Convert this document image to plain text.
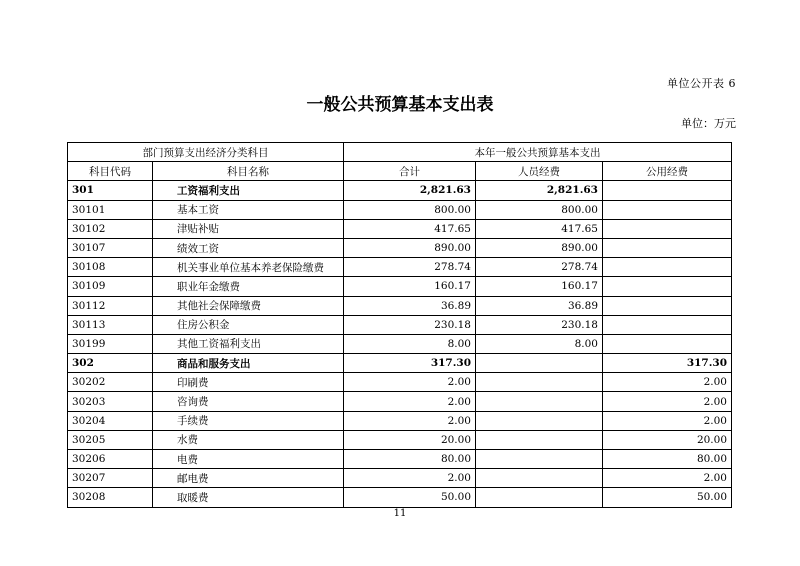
单位公开表 6
一般公共预算基本支出表
单位：万元
部门预算支出经济分类科目		本年一般公共预算基本支出		
科目代码	科目名称	合计	人员经费	公用经费
301	工资福利支出	2,821.63	2,821.63	
30101	基本工资	800.00	800.00	
30102	津贴补贴	417.65	417.65	
30107	绩效工资	890.00	890.00	
30108	机关事业单位基本养老保险缴费	278.74	278.74	
30109	职业年金缴费	160.17	160.17	
30112	其他社会保障缴费	36.89	36.89	
30113	住房公积金	230.18	230.18	
30199	其他工资福利支出	8.00	8.00	
302	商品和服务支出	317.30		317.30
30202	印刷费	2.00		2.00
30203	咨询费	2.00		2.00
30204	手续费	2.00		2.00
30205	水费	20.00		20.00
30206	电费	80.00		80.00
30207	邮电费	2.00		2.00
30208	取暖费	50.00		50.00
11
